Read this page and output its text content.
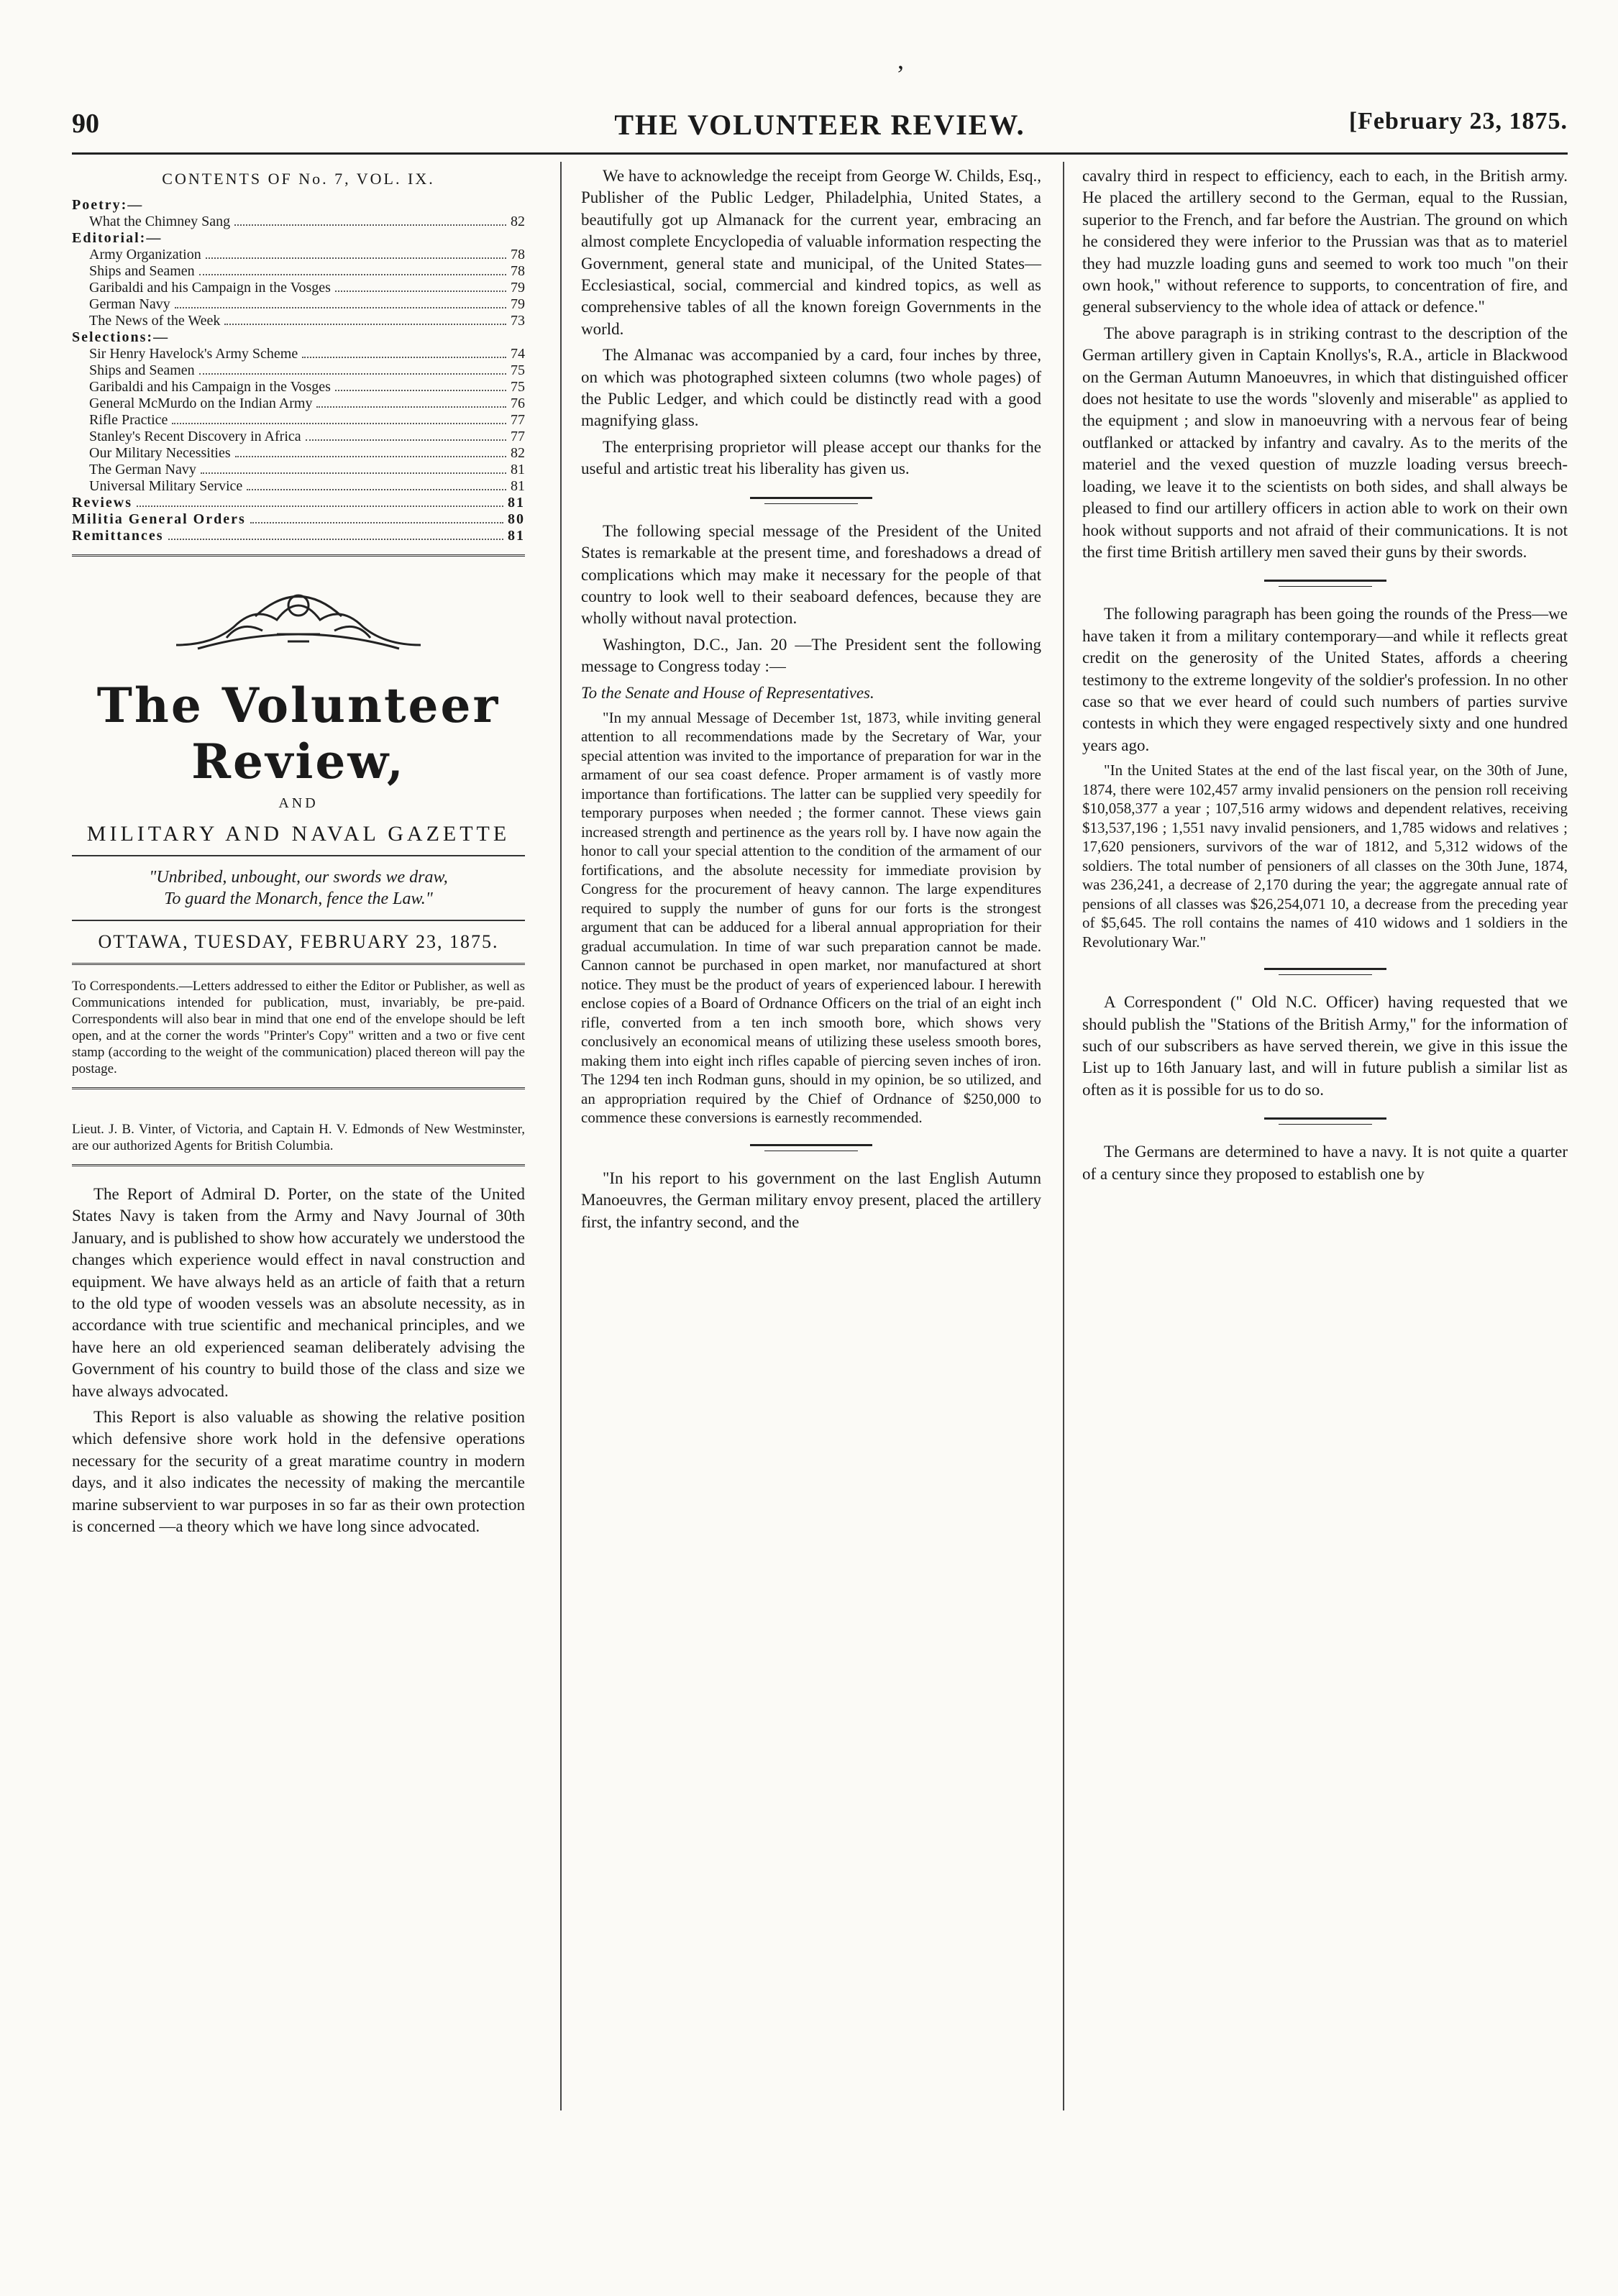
,
90	THE VOLUNTEER REVIEW.	[February 23, 1875.
CONTENTS OF No. 7, VOL. IX.
Poetry:—
What the Chimney Sang	82
Editorial:—
Army Organization	78
Ships and Seamen	78
Garibaldi and his Campaign in the Vosges	79
German Navy	79
The News of the Week	73
Selections:—
Sir Henry Havelock's Army Scheme	74
Ships and Seamen	75
Garibaldi and his Campaign in the Vosges	75
General McMurdo on the Indian Army	76
Rifle Practice	77
Stanley's Recent Discovery in Africa	77
Our Military Necessities	82
The German Navy	81
Universal Military Service	81
Reviews	81
Militia General Orders	80
Remittances	81
The Volunteer Review,
AND
MILITARY AND NAVAL GAZETTE
"Unbribed, unbought, our swords we draw,
To guard the Monarch, fence the Law."
OTTAWA, TUESDAY, FEBRUARY 23, 1875.
To Correspondents.—Letters addressed to either the Editor or Publisher, as well as Communications intended for publication, must, invariably, be pre-paid. Correspondents will also bear in mind that one end of the envelope should be left open, and at the corner the words "Printer's Copy" written and a two or five cent stamp (according to the weight of the communication) placed thereon will pay the postage.
Lieut. J. B. Vinter, of Victoria, and Captain H. V. Edmonds of New Westminster, are our authorized Agents for British Columbia.

The Report of Admiral D. Porter, on the state of the United States Navy is taken from the Army and Navy Journal of 30th January, and is published to show how accurately we understood the changes which experience would effect in naval construction and equipment. We have always held as an article of faith that a return to the old type of wooden vessels was an absolute necessity, as in accordance with true scientific and mechanical principles, and we have here an old experienced seaman deliberately advising the Government of his country to build those of the class and size we have always advocated.

This Report is also valuable as showing the relative position which defensive shore work hold in the defensive operations necessary for the security of a great maratime country in modern days, and it also indicates the necessity of making the mercantile marine subservient to war purposes in so far as their own protection is concerned —a theory which we have long since advocated.

We have to acknowledge the receipt from George W. Childs, Esq., Publisher of the Public Ledger, Philadelphia, United States, a beautifully got up Almanack for the current year, embracing an almost complete Encyclopedia of valuable information respecting the Government, general state and municipal, of the United States—Ecclesiastical, social, commercial and kindred topics, as well as comprehensive tables of all the known foreign Governments in the world.

The Almanac was accompanied by a card, four inches by three, on which was photographed sixteen columns (two whole pages) of the Public Ledger, and which could be distinctly read with a good magnifying glass.

The enterprising proprietor will please accept our thanks for the useful and artistic treat his liberality has given us.

The following special message of the President of the United States is remarkable at the present time, and foreshadows a dread of complications which may make it necessary for the people of that country to look well to their seaboard defences, because they are wholly without naval protection.

Washington, D.C., Jan. 20 —The President sent the following message to Congress today :—

To the Senate and House of Representatives.

"In my annual Message of December 1st, 1873, while inviting general attention to all recommendations made by the Secretary of War, your special attention was invited to the importance of preparation for war in the armament of our sea coast defence. Proper armament is of vastly more importance than fortifications. The latter can be supplied very speedily for temporary purposes when needed ; the former cannot. These views gain increased strength and pertinence as the years roll by. I have now again the honor to call your special attention to the condition of the armament of our fortifications, and the absolute necessity for immediate provision by Congress for the procurement of heavy cannon. The large expenditures required to supply the number of guns for our forts is the strongest argument that can be adduced for a liberal annual appropriation for their gradual accumulation. In time of war such preparation cannot be made. Cannon cannot be purchased in open market, nor manufactured at short notice. They must be the product of years of experienced labour. I herewith enclose copies of a Board of Ordnance Officers on the trial of an eight inch rifle, converted from a ten inch smooth bore, which shows very conclusively an economical means of utilizing these useless smooth bores, making them into eight inch rifles capable of piercing seven inches of iron. The 1294 ten inch Rodman guns, should in my opinion, be so utilized, and an appropriation required by the Chief of Ordnance of $250,000 to commence these conversions is earnestly recommended.

"In his report to his government on the last English Autumn Manoeuvres, the German military envoy present, placed the artillery first, the infantry second, and the

cavalry third in respect to efficiency, each to each, in the British army. He placed the artillery second to the German, equal to the Russian, superior to the French, and far before the Austrian. The ground on which he considered they were inferior to the Prussian was that as to materiel they had muzzle loading guns and seemed to work too much "on their own hook," without reference to supports, to concentration of fire, and general subserviency to the whole idea of attack or defence."

The above paragraph is in striking contrast to the description of the German artillery given in Captain Knollys's, R.A., article in Blackwood on the German Autumn Manoeuvres, in which that distinguished officer does not hesitate to use the words "slovenly and miserable" as applied to the equipment ; and slow in manoeuvring with a nervous fear of being outflanked or attacked by infantry and cavalry. As to the merits of the materiel and the vexed question of muzzle loading versus breech-loading, we leave it to the scientists on both sides, and shall always be pleased to find our artillery officers in action able to work on their own hook without supports and not afraid of their communications. It is not the first time British artillery men saved their guns by their swords.

The following paragraph has been going the rounds of the Press—we have taken it from a military contemporary—and while it reflects great credit on the generosity of the United States, affords a cheering testimony to the extreme longevity of the soldier's profession. In no other case so that we ever heard of could such numbers of parties survive contests in which they were engaged respectively sixty and one hundred years ago.

"In the United States at the end of the last fiscal year, on the 30th of June, 1874, there were 102,457 army invalid pensioners on the pension roll receiving $10,058,377 a year ; 107,516 army widows and dependent relatives, receiving $13,537,196 ; 1,551 navy invalid pensioners, and 1,785 widows and relatives ; 17,620 pensioners, survivors of the war of 1812, and 5,312 widows of the soldiers. The total number of pensioners of all classes on the 30th June, 1874, was 236,241, a decrease of 2,170 during the year; the aggregate annual rate of pensions of all classes was $26,254,071 10, a decrease from the preceding year of $5,645. The roll contains the names of 410 widows and 1 soldiers in the Revolutionary War."

A Correspondent (" Old N.C. Officer) having requested that we should publish the "Stations of the British Army," for the information of such of our subscribers as have served therein, we give in this issue the List up to 16th January last, and will in future publish a similar list as often as it is possible for us to do so.

The Germans are determined to have a navy. It is not quite a quarter of a century since they proposed to establish one by
